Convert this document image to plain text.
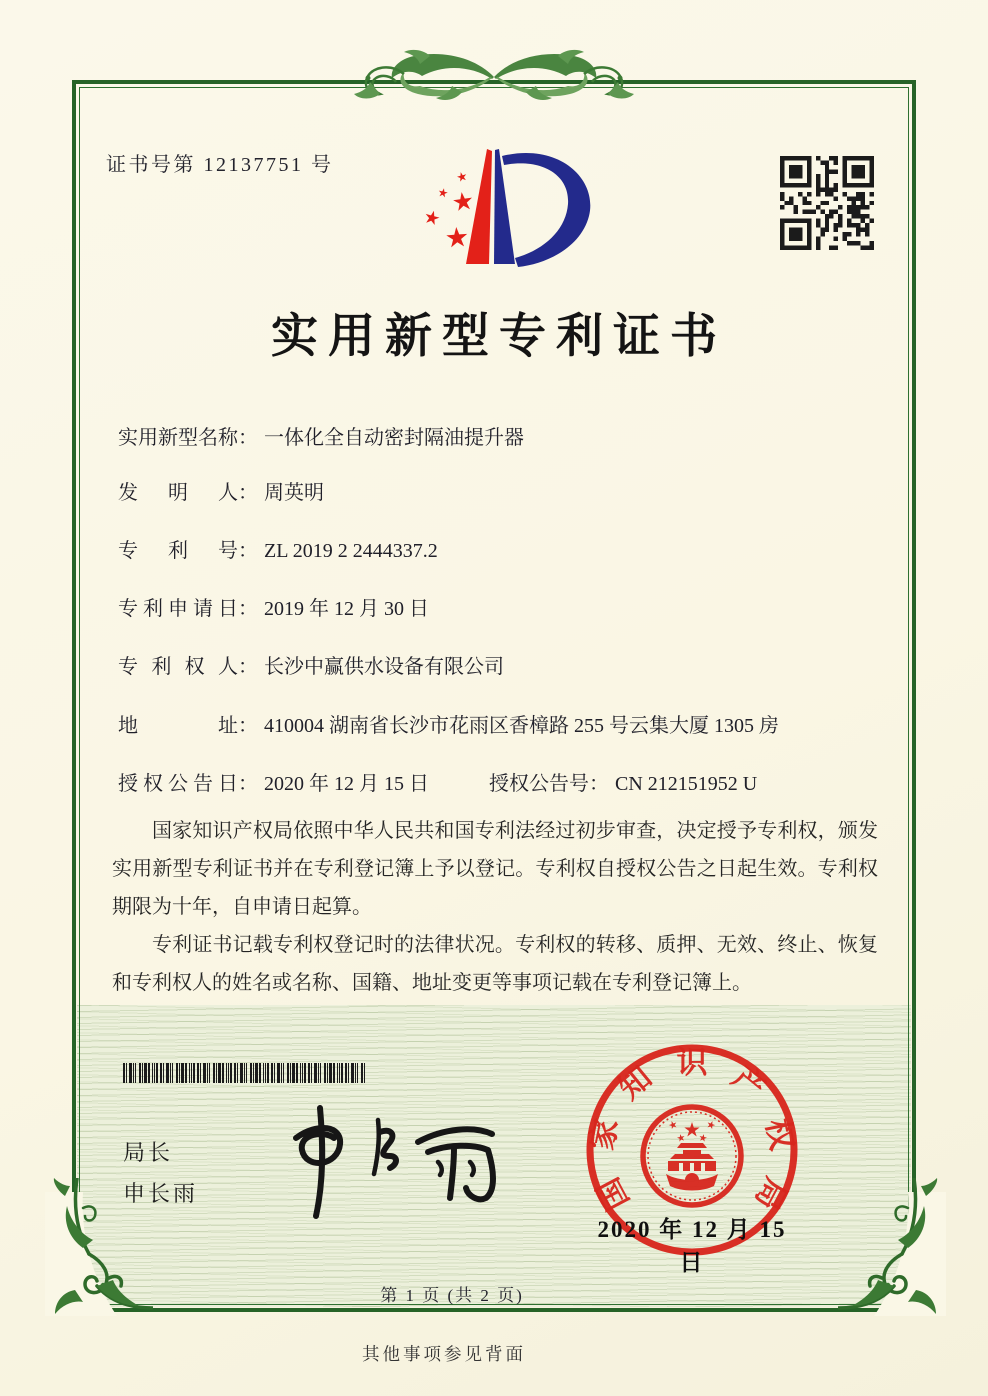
证书号第 12137751 号
实用新型专利证书
实用新型名称： 一体化全自动密封隔油提升器
发明人： 周英明
专利号： ZL 2019 2 2444337.2
专利申请日： 2019 年 12 月 30 日
专利权人： 长沙中赢供水设备有限公司
地址： 410004 湖南省长沙市花雨区香樟路 255 号云集大厦 1305 房
授权公告日： 2020 年 12 月 15 日	授权公告号： CN 212151952 U

国家知识产权局依照中华人民共和国专利法经过初步审查，决定授予专利权，颁发实用新型专利证书并在专利登记簿上予以登记。专利权自授权公告之日起生效。专利权期限为十年，自申请日起算。

专利证书记载专利权登记时的法律状况。专利权的转移、质押、无效、终止、恢复和专利权人的姓名或名称、国籍、地址变更等事项记载在专利登记簿上。

局长
申长雨	国
家
知 识 产
权
局
2020 年 12 月 15 日
第 1 页 (共 2 页)
其他事项参见背面
